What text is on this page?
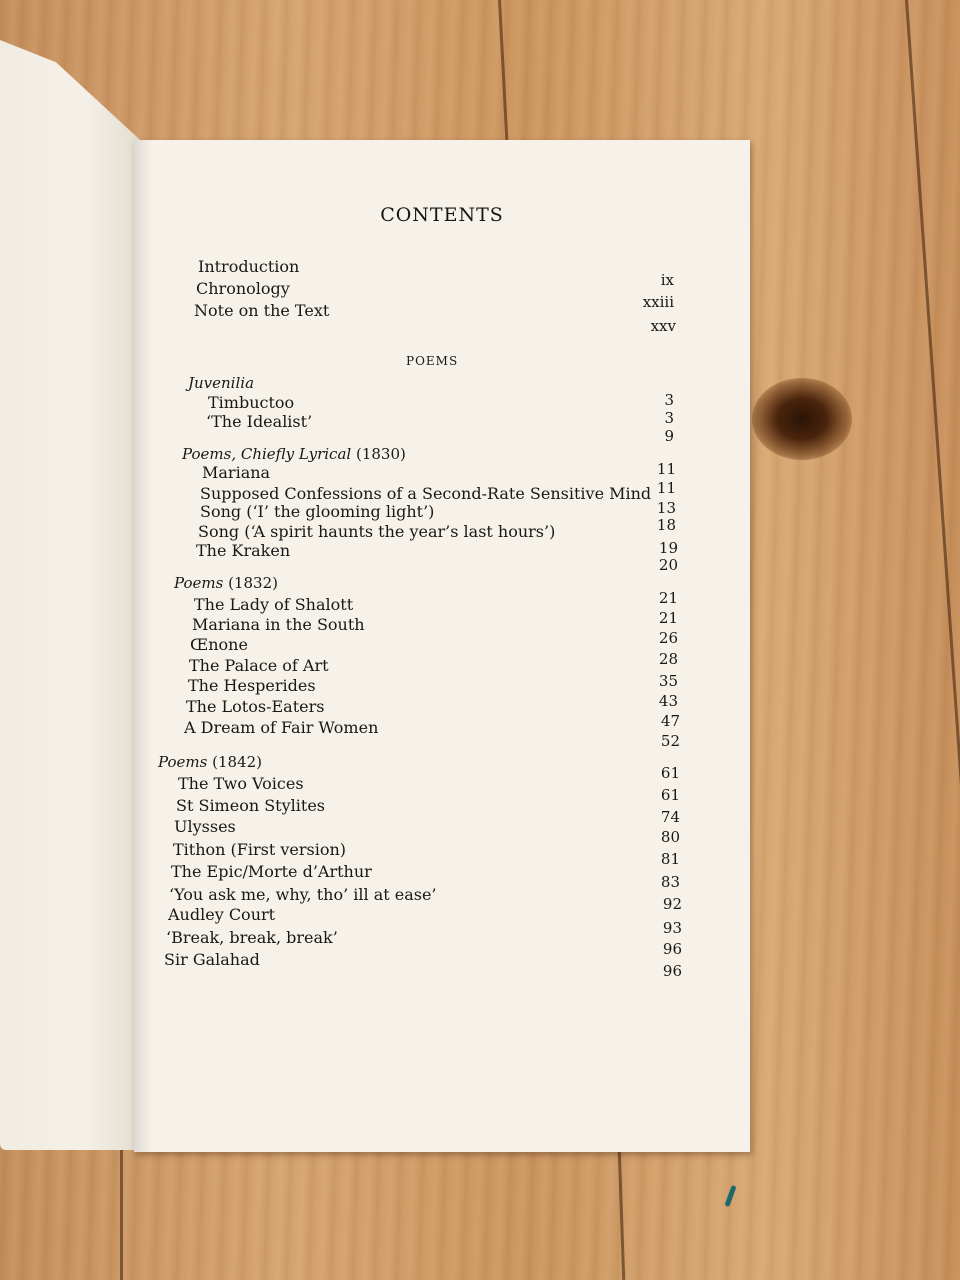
CONTENTS
Introduction
Chronology
Note on the Text
ix
xxiii
xxv
POEMS
Juvenilia
Timbuctoo
‘The Idealist’
3
3
9
Poems, Chiefly Lyrical (1830)
Mariana
Supposed Confessions of a Second-Rate Sensitive Mind
Song (‘I’ the glooming light’)
Song (‘A spirit haunts the year’s last hours’)
The Kraken
11
11
13
18
19
20
Poems (1832)
The Lady of Shalott
Mariana in the South
Œnone
The Palace of Art
The Hesperides
The Lotos-Eaters
A Dream of Fair Women
21
21
26
28
35
43
47
52
Poems (1842)
The Two Voices
St Simeon Stylites
Ulysses
Tithon (First version)
The Epic/Morte d’Arthur
‘You ask me, why, tho’ ill at ease’
Audley Court
‘Break, break, break’
Sir Galahad
61
61
74
80
81
83
92
93
96
96
